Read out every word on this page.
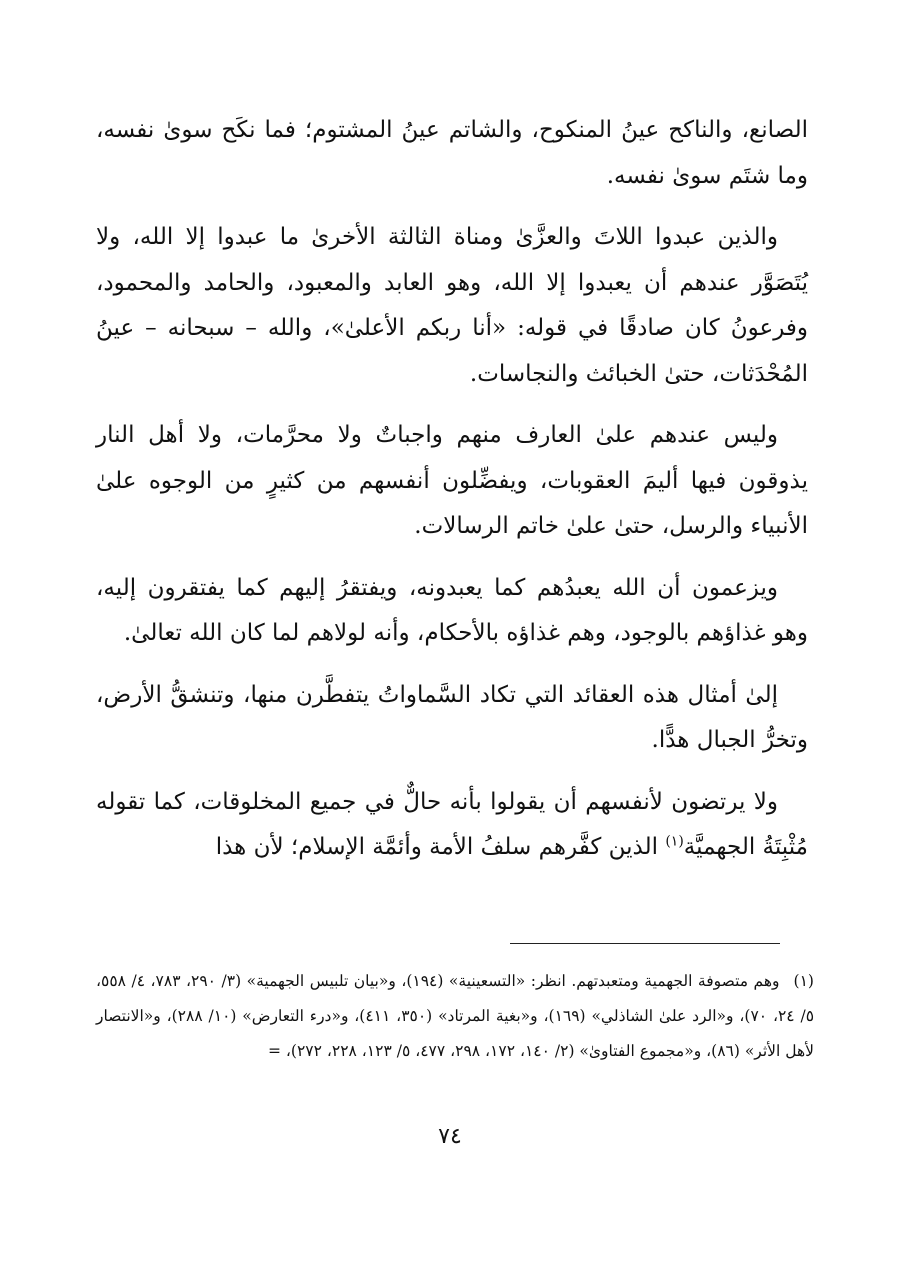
الصانع، والناكح عينُ المنكوح، والشاتم عينُ المشتوم؛ فما نكَح سوىٰ نفسه، وما شتَم سوىٰ نفسه.

والذين عبدوا اللاتَ والعزَّىٰ ومناة الثالثة الأخرىٰ ما عبدوا إلا الله، ولا يُتَصَوَّر عندهم أن يعبدوا إلا الله، وهو العابد والمعبود، والحامد والمحمود، وفرعونُ كان صادقًا في قوله: «أنا ربكم الأعلىٰ»، والله – سبحانه – عينُ المُحْدَثات، حتىٰ الخبائث والنجاسات.

وليس عندهم علىٰ العارف منهم واجباتٌ ولا محرَّمات، ولا أهل النار يذوقون فيها أليمَ العقوبات، ويفضِّلون أنفسهم من كثيرٍ من الوجوه علىٰ الأنبياء والرسل، حتىٰ علىٰ خاتم الرسالات.

ويزعمون أن الله يعبدُهم كما يعبدونه، ويفتقرُ إليهم كما يفتقرون إليه، وهو غذاؤهم بالوجود، وهم غذاؤه بالأحكام، وأنه لولاهم لما كان الله تعالىٰ.

إلىٰ أمثال هذه العقائد التي تكاد السَّماواتُ يتفطَّرن منها، وتنشقُّ الأرض، وتخرُّ الجبال هدًّا.

ولا يرتضون لأنفسهم أن يقولوا بأنه حالٌّ في جميع المخلوقات، كما تقوله مُثْبِتَةُ الجهميَّة$^{(١)}$ الذين كفَّرهم سلفُ الأمة وأئمَّة الإسلام؛ لأن هذا

(١)وهم متصوفة الجهمية ومتعبدتهم. انظر: «التسعينية» (١٩٤)، و«بيان تلبيس الجهمية» (٣/ ٢٩٠، ٧٨٣، ٤/ ٥٥٨، ٥/ ٢٤، ٧٠)، و«الرد علىٰ الشاذلي» (١٦٩)، و«بغية المرتاد» (٣٥٠، ٤١١)، و«درء التعارض» (١٠/ ٢٨٨)، و«الانتصار لأهل الأثر» (٨٦)، و«مجموع الفتاوىٰ» (٢/ ١٤٠، ١٧٢، ٢٩٨، ٤٧٧، ٥/ ١٢٣، ٢٢٨، ٢٧٢)، =
٧٤
